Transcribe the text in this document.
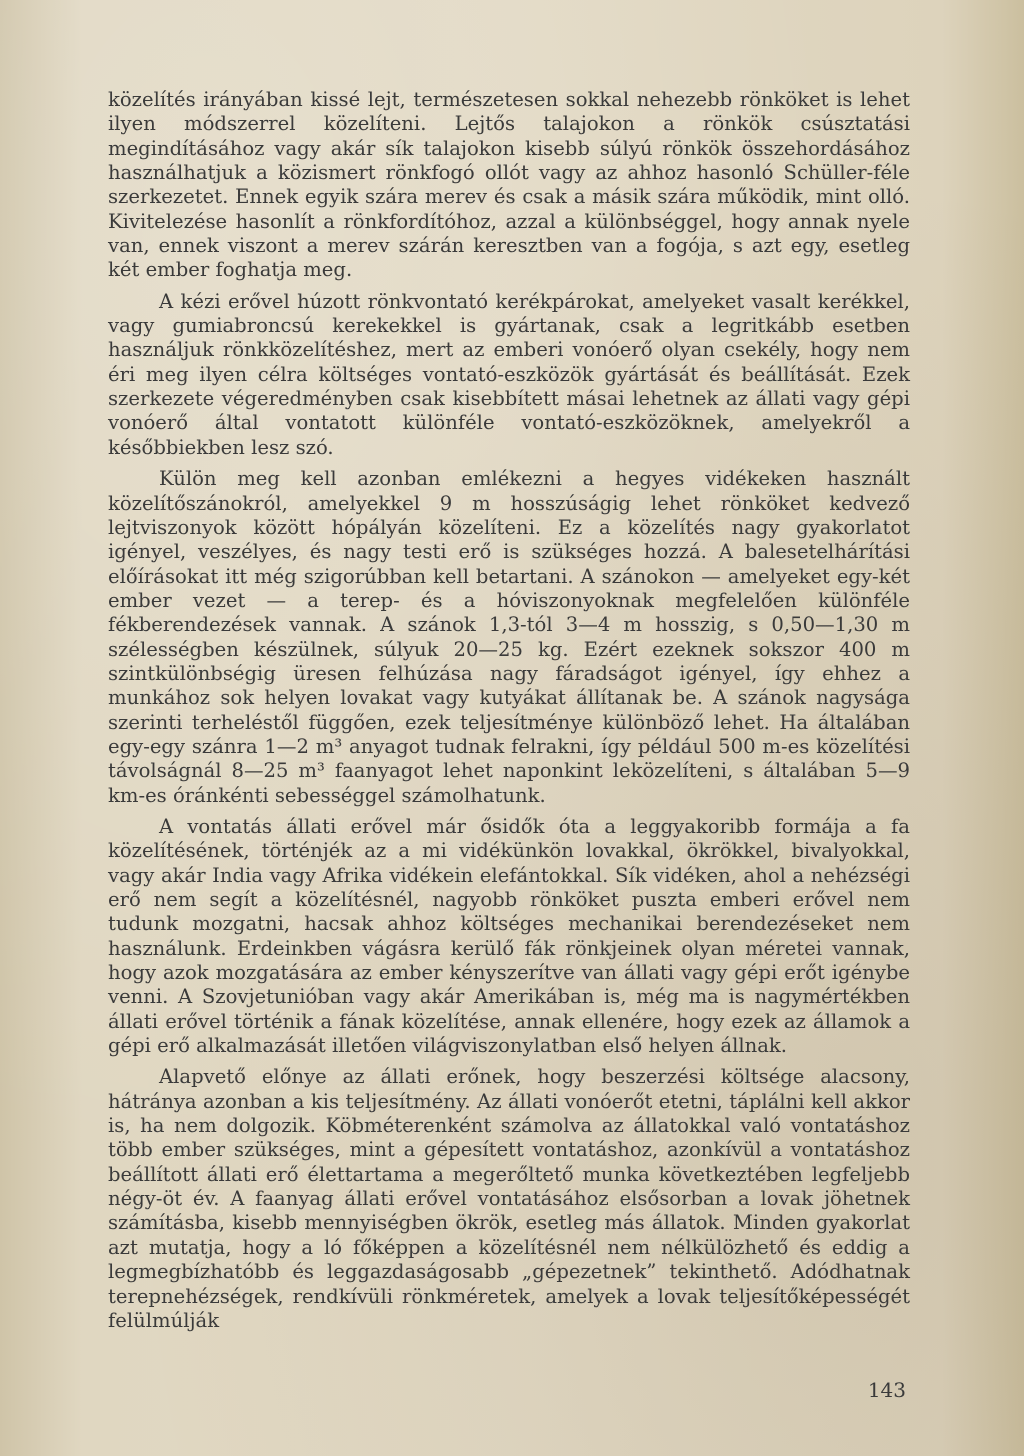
közelítés irányában kissé lejt, természetesen sokkal nehezebb rönköket is lehet ilyen módszerrel közelíteni. Lejtős talajokon a rönkök csúsztatási megindításához vagy akár sík talajokon kisebb súlyú rönkök összehordásához használhatjuk a közismert rönkfogó ollót vagy az ahhoz hasonló Schüller-féle szerkezetet. Ennek egyik szára merev és csak a másik szára működik, mint olló. Kivitelezése hasonlít a rönkfordítóhoz, azzal a különbséggel, hogy annak nyele van, ennek viszont a merev szárán keresztben van a fogója, s azt egy, esetleg két ember foghatja meg.

A kézi erővel húzott rönkvontató kerékpárokat, amelyeket vasalt kerékkel, vagy gumiabroncsú kerekekkel is gyártanak, csak a legritkább esetben használjuk rönkközelítéshez, mert az emberi vonóerő olyan csekély, hogy nem éri meg ilyen célra költséges vontató-eszközök gyártását és beállítását. Ezek szerkezete végeredményben csak kisebbített másai lehetnek az állati vagy gépi vonóerő által vontatott különféle vontató-eszközöknek, amelyekről a későbbiekben lesz szó.

Külön meg kell azonban emlékezni a hegyes vidékeken használt közelítőszánokról, amelyekkel 9 m hosszúságig lehet rönköket kedvező lejtviszonyok között hópályán közelíteni. Ez a közelítés nagy gyakorlatot igényel, veszélyes, és nagy testi erő is szükséges hozzá. A balesetelhárítási előírásokat itt még szigorúbban kell betartani. A szánokon — amelyeket egy-két ember vezet — a terep- és a hóviszonyoknak megfelelően különféle fékberendezések vannak. A szánok 1,3-tól 3—4 m hosszig, s 0,50—1,30 m szélességben készülnek, súlyuk 20—25 kg. Ezért ezeknek sokszor 400 m szintkülönbségig üresen felhúzása nagy fáradságot igényel, így ehhez a munkához sok helyen lovakat vagy kutyákat állítanak be. A szánok nagysága szerinti terheléstől függően, ezek teljesítménye különböző lehet. Ha általában egy-egy szánra 1—2 m³ anyagot tudnak felrakni, így például 500 m-es közelítési távolságnál 8—25 m³ faanyagot lehet naponkint leközelíteni, s általában 5—9 km-es óránkénti sebességgel számolhatunk.

A vontatás állati erővel már ősidők óta a leggyakoribb formája a fa közelítésének, történjék az a mi vidékünkön lovakkal, ökrökkel, bivalyokkal, vagy akár India vagy Afrika vidékein elefántokkal. Sík vidéken, ahol a nehézségi erő nem segít a közelítésnél, nagyobb rönköket puszta emberi erővel nem tudunk mozgatni, hacsak ahhoz költséges mechanikai berendezéseket nem használunk. Erdeinkben vágásra kerülő fák rönkjeinek olyan méretei vannak, hogy azok mozgatására az ember kényszerítve van állati vagy gépi erőt igénybe venni. A Szovjetunióban vagy akár Amerikában is, még ma is nagymértékben állati erővel történik a fának közelítése, annak ellenére, hogy ezek az államok a gépi erő alkalmazását illetően világviszonylatban első helyen állnak.

Alapvető előnye az állati erőnek, hogy beszerzési költsége alacsony, hátránya azonban a kis teljesítmény. Az állati vonóerőt etetni, táplálni kell akkor is, ha nem dolgozik. Köbméterenként számolva az állatokkal való vontatáshoz több ember szükséges, mint a gépesített vontatáshoz, azonkívül a vontatáshoz beállított állati erő élettartama a megerőltető munka következtében legfeljebb négy-öt év. A faanyag állati erővel vontatásához elsősorban a lovak jöhetnek számításba, kisebb mennyiségben ökrök, esetleg más állatok. Minden gyakorlat azt mutatja, hogy a ló főképpen a közelítésnél nem nélkülözhető és eddig a legmegbízhatóbb és leggazdaságosabb „gépezetnek” tekinthető. Adódhatnak terepnehézségek, rendkívüli rönkméretek, amelyek a lovak teljesítőképességét felülmúlják

143
